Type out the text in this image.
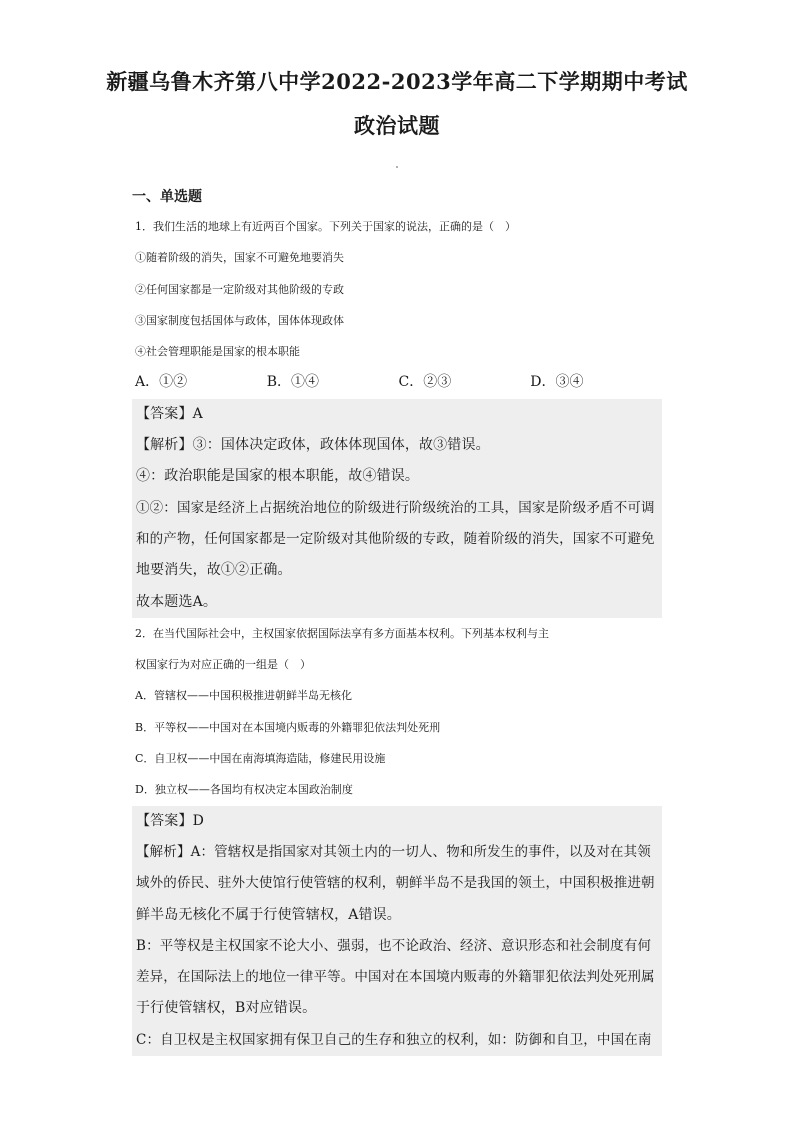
新疆乌鲁木齐第八中学2022-2023学年高二下学期期中考试
政治试题
一、单选题
1．我们生活的地球上有近两百个国家。下列关于国家的说法，正确的是（　）
①随着阶级的消失，国家不可避免地要消失
②任何国家都是一定阶级对其他阶级的专政
③国家制度包括国体与政体，国体体现政体
④社会管理职能是国家的根本职能
A．①②	B．①④	C．②③	D．③④
【答案】A
【解析】③：国体决定政体，政体体现国体，故③错误。
④：政治职能是国家的根本职能，故④错误。
①②：国家是经济上占据统治地位的阶级进行阶级统治的工具，国家是阶级矛盾不可调
和的产物，任何国家都是一定阶级对其他阶级的专政，随着阶级的消失，国家不可避免
地要消失，故①②正确。
故本题选A。
2．在当代国际社会中，主权国家依据国际法享有多方面基本权利。下列基本权利与主
权国家行为对应正确的一组是（　）
A．管辖权——中国积极推进朝鲜半岛无核化
B．平等权——中国对在本国境内贩毒的外籍罪犯依法判处死刑
C．自卫权——中国在南海填海造陆，修建民用设施
D．独立权——各国均有权决定本国政治制度
【答案】D
【解析】A：管辖权是指国家对其领土内的一切人、物和所发生的事件，以及对在其领
域外的侨民、驻外大使馆行使管辖的权利，朝鲜半岛不是我国的领土，中国积极推进朝
鲜半岛无核化不属于行使管辖权，A错误。
B：平等权是主权国家不论大小、强弱，也不论政治、经济、意识形态和社会制度有何
差异，在国际法上的地位一律平等。中国对在本国境内贩毒的外籍罪犯依法判处死刑属
于行使管辖权，B对应错误。
C：自卫权是主权国家拥有保卫自己的生存和独立的权利，如：防御和自卫，中国在南
